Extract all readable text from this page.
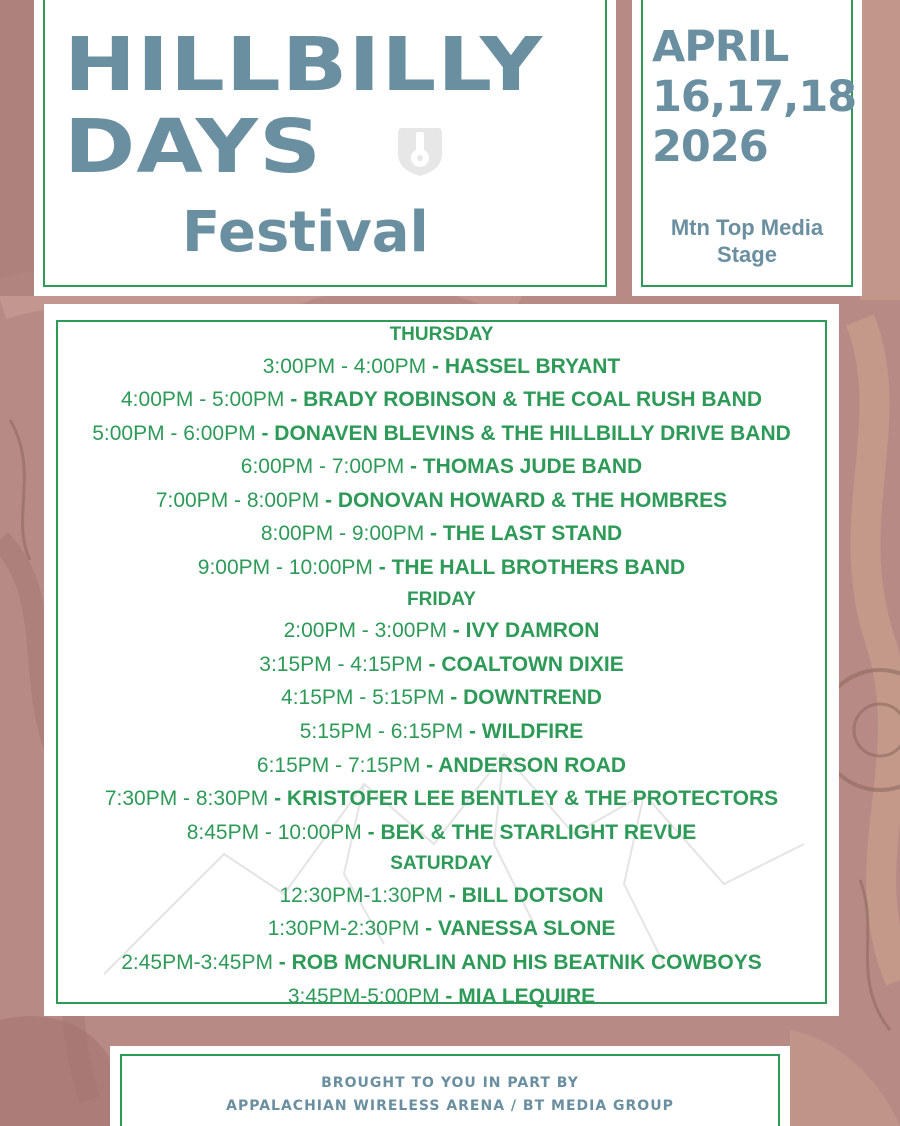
HILLBILLY
DAYS
Festival
APRIL
16,17,18
2026
Mtn Top Media Stage
THURSDAY
3:00PM - 4:00PM - HASSEL BRYANT
4:00PM - 5:00PM - BRADY ROBINSON & THE COAL RUSH BAND
5:00PM - 6:00PM - DONAVEN BLEVINS & THE HILLBILLY DRIVE BAND
6:00PM - 7:00PM - THOMAS JUDE BAND
7:00PM - 8:00PM - DONOVAN HOWARD & THE HOMBRES
8:00PM - 9:00PM - THE LAST STAND
9:00PM - 10:00PM - THE HALL BROTHERS BAND
FRIDAY
2:00PM - 3:00PM - IVY DAMRON
3:15PM - 4:15PM - COALTOWN DIXIE
4:15PM - 5:15PM - DOWNTREND
5:15PM - 6:15PM - WILDFIRE
6:15PM - 7:15PM - ANDERSON ROAD
7:30PM - 8:30PM - KRISTOFER LEE BENTLEY & THE PROTECTORS
8:45PM - 10:00PM - BEK & THE STARLIGHT REVUE
SATURDAY
12:30PM-1:30PM - BILL DOTSON
1:30PM-2:30PM - VANESSA SLONE
2:45PM-3:45PM - ROB MCNURLIN AND HIS BEATNIK COWBOYS
3:45PM-5:00PM - MIA LEQUIRE
BROUGHT TO YOU IN PART BY
APPALACHIAN WIRELESS ARENA / BT MEDIA GROUP
